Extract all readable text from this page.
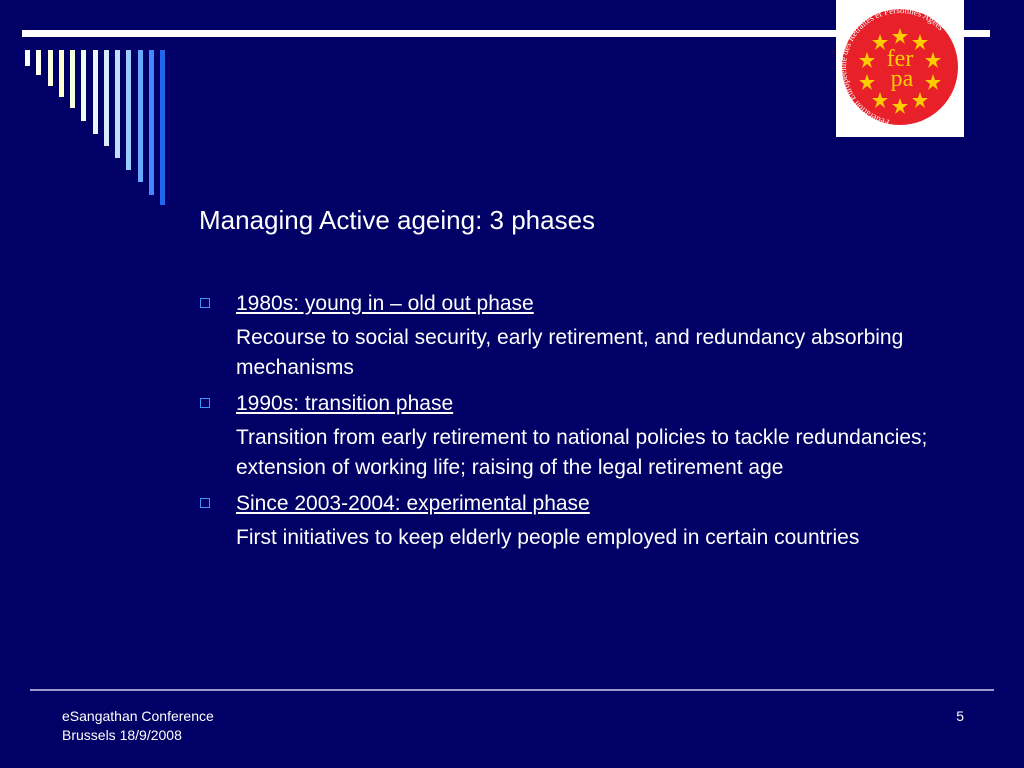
Fédération Européenne des Retraités et Personnes Agées
fer
pa
Managing Active ageing: 3 phases
1980s: young in – old out phase
Recourse to social security, early retirement, and redundancy absorbing mechanisms
1990s: transition phase
Transition from early retirement to national policies to tackle redundancies; extension of working life; raising of the legal retirement age
Since 2003-2004: experimental phase
First initiatives to keep elderly people employed in certain countries
eSangathan Conference
Brussels 18/9/2008
5
